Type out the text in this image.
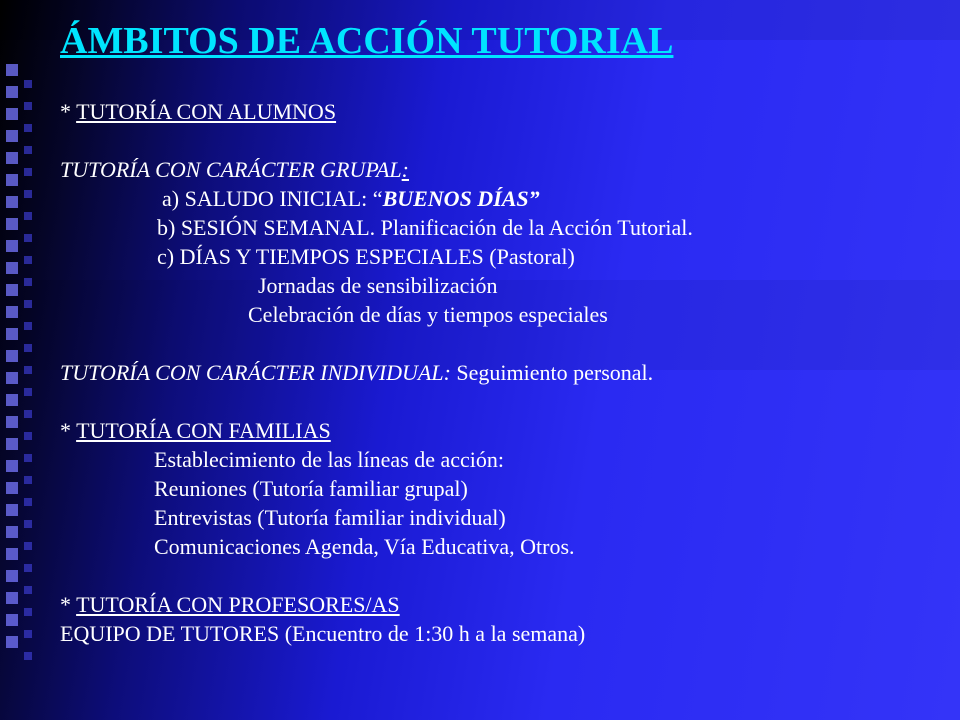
ÁMBITOS DE ACCIÓN TUTORIAL
* TUTORÍA CON ALUMNOS
TUTORÍA CON CARÁCTER GRUPAL:
a) SALUDO INICIAL: “BUENOS DÍAS”
b) SESIÓN SEMANAL. Planificación de la Acción Tutorial.
c) DÍAS Y TIEMPOS ESPECIALES (Pastoral)
Jornadas de sensibilización
Celebración de días y tiempos especiales
TUTORÍA CON CARÁCTER INDIVIDUAL: Seguimiento personal.
* TUTORÍA CON FAMILIAS
Establecimiento de las líneas de acción:
Reuniones (Tutoría familiar grupal)
Entrevistas (Tutoría familiar individual)
Comunicaciones Agenda, Vía Educativa, Otros.
* TUTORÍA CON PROFESORES/AS
EQUIPO DE TUTORES (Encuentro de 1:30 h a la semana)
